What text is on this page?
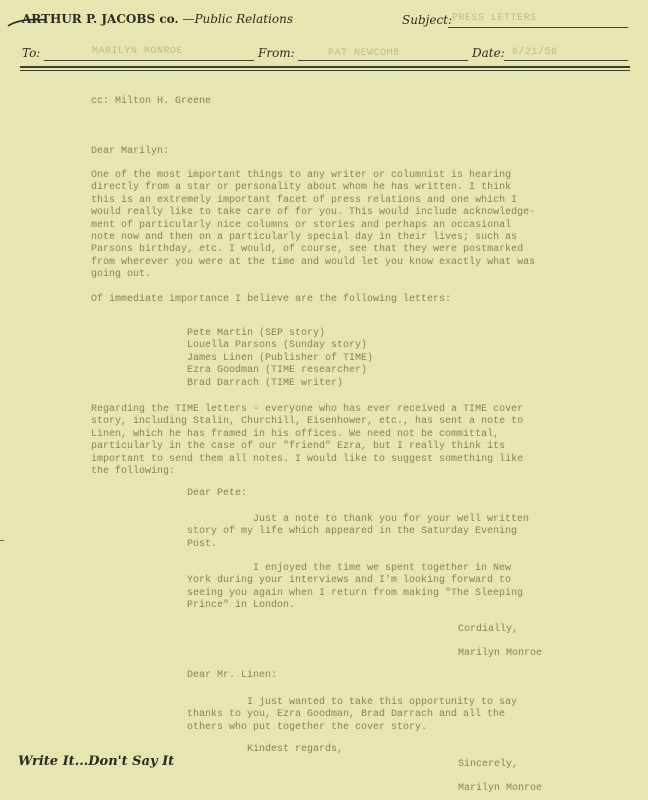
ARTHUR P. JACOBS co. —Public Relations	Subject: PRESS LETTERS
To:	MARILYN MONROE	From:	PAT NEWCOMB	Date: 6/21/56
cc: Milton H. Greene
Dear Marilyn:
One of the most important things to any writer or columnist is hearing
directly from a star or personality about whom he has written. I think
this is an extremely important facet of press relations and one which I
would really like to take care of for you. This would include acknowledge-
ment of particularly nice columns or stories and perhaps an occasional
note now and then on a particularly special day in their lives; such as
Parsons birthday, etc. I would, of course, see that they were postmarked
from wherever you were at the time and would let you know exactly what was
going out.
Of immediate importance I believe are the following letters:
Pete Martin (SEP story)
Louella Parsons (Sunday story)
James Linen (Publisher of TIME)
Ezra Goodman (TIME researcher)
Brad Darrach (TIME writer)
Regarding the TIME letters - everyone who has ever received a TIME cover
story, including Stalin, Churchill, Eisenhower, etc., has sent a note to
Linen, which he has framed in his offices. We need not be committal,
particularly in the case of our "friend" Ezra, but I really think its
important to send them all notes. I would like to suggest something like
the following:
Dear Pete:
Just a note to thank you for your well written
story of my life which appeared in the Saturday Evening
Post.
I enjoyed the time we spent together in New
York during your interviews and I'm looking forward to
seeing you again when I return from making "The Sleeping
Prince" in London.
Cordially,
Marilyn Monroe
Dear Mr. Linen:
I just wanted to take this opportunity to say
thanks to you, Ezra Goodman, Brad Darrach and all the
others who put together the cover story.
Kindest regards,
Sincerely,
Marilyn Monroe
Write It...Don't Say It
